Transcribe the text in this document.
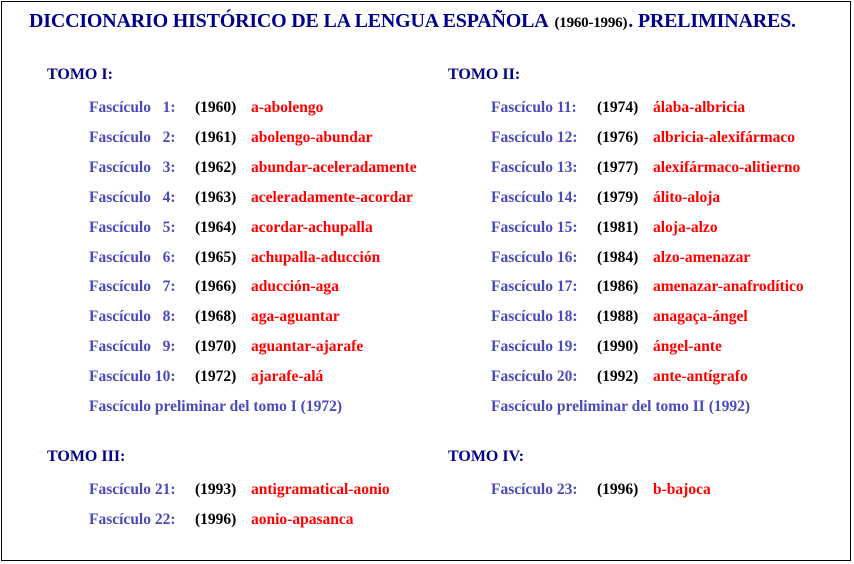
DICCIONARIO HISTÓRICO DE LA LENGUA ESPAÑOLA (1960-1996). PRELIMINARES.
TOMO I:
Fascículo   1: (1960) a-abolengo
Fascículo   2: (1961) abolengo-abundar
Fascículo   3: (1962) abundar-aceleradamente
Fascículo   4: (1963) aceleradamente-acordar
Fascículo   5: (1964) acordar-achupalla
Fascículo   6: (1965) achupalla-aducción
Fascículo   7: (1966) aducción-aga
Fascículo   8: (1968) aga-aguantar
Fascículo   9: (1970) aguantar-ajarafe
Fascículo 10: (1972) ajarafe-alá
Fascículo preliminar del tomo I (1972)
TOMO II:
Fascículo 11: (1974) álaba-albricia
Fascículo 12: (1976) albricia-alexifármaco
Fascículo 13: (1977) alexifármaco-alitierno
Fascículo 14: (1979) álito-aloja
Fascículo 15: (1981) aloja-alzo
Fascículo 16: (1984) alzo-amenazar
Fascículo 17: (1986) amenazar-anafrodítico
Fascículo 18: (1988) anagaça-ángel
Fascículo 19: (1990) ángel-ante
Fascículo 20: (1992) ante-antígrafo
Fascículo preliminar del tomo II (1992)
TOMO III:
Fascículo 21: (1993) antigramatical-aonio
Fascículo 22: (1996) aonio-apasanca
TOMO IV:
Fascículo 23: (1996) b-bajoca
